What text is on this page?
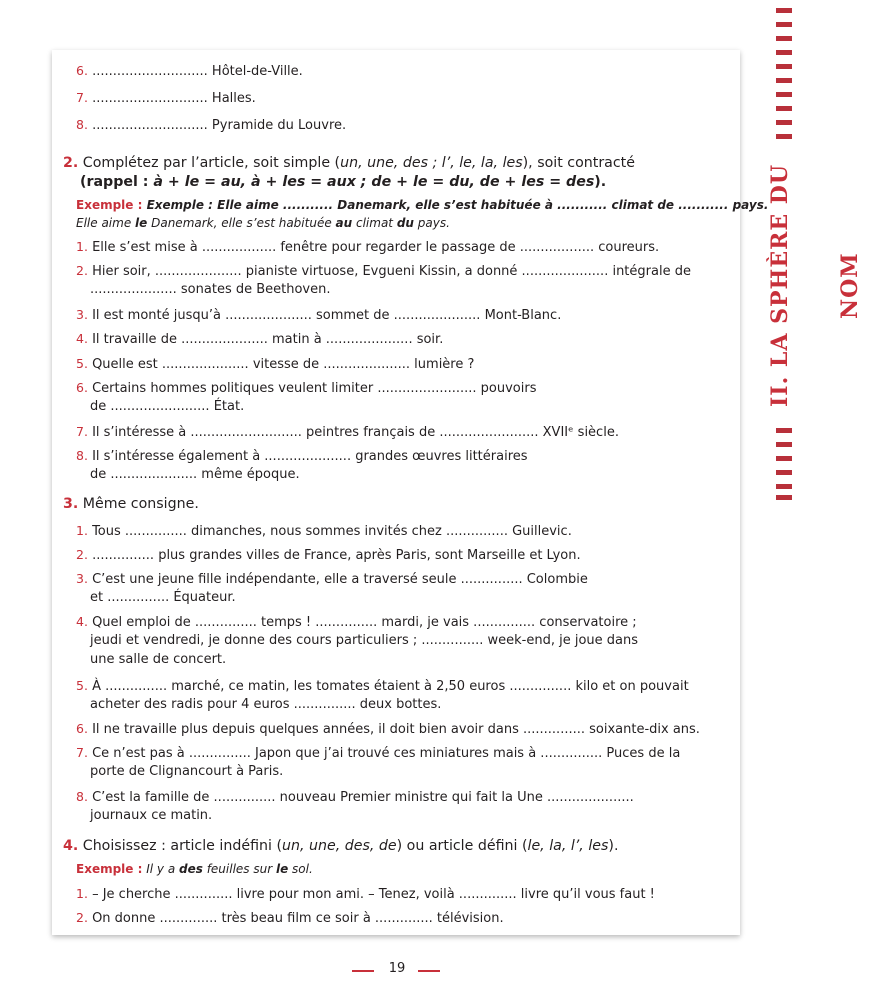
II. LA SPHÈRE DU NOM
6. ............................ Hôtel-de-Ville.
7. ............................ Halles.
8. ............................ Pyramide du Louvre.
2. Complétez par l’article, soit simple (un, une, des ; l’, le, la, les), soit contracté
(rappel : à + le = au, à + les = aux ; de + le = du, de + les = des).
Exemple : Exemple : Elle aime ........... Danemark, elle s’est habituée à ........... climat de ........... pays.
Elle aime le Danemark, elle s’est habituée au climat du pays.
1. Elle s’est mise à .................. fenêtre pour regarder le passage de .................. coureurs.
2. Hier soir, ..................... pianiste virtuose, Evgueni Kissin, a donné ..................... intégrale de
..................... sonates de Beethoven.
3. Il est monté jusqu’à ..................... sommet de ..................... Mont-Blanc.
4. Il travaille de ..................... matin à ..................... soir.
5. Quelle est ..................... vitesse de ..................... lumière ?
6. Certains hommes politiques veulent limiter ........................ pouvoirs
de ........................ État.
7. Il s’intéresse à ........................... peintres français de ........................ XVIIᵉ siècle.
8. Il s’intéresse également à ..................... grandes œuvres littéraires
de ..................... même époque.
3. Même consigne.
1. Tous ............... dimanches, nous sommes invités chez ............... Guillevic.
2. ............... plus grandes villes de France, après Paris, sont Marseille et Lyon.
3. C’est une jeune fille indépendante, elle a traversé seule ............... Colombie
et ............... Équateur.
4. Quel emploi de ............... temps ! ............... mardi, je vais ............... conservatoire ;
jeudi et vendredi, je donne des cours particuliers ; ............... week-end, je joue dans
une salle de concert.
5. À ............... marché, ce matin, les tomates étaient à 2,50 euros ............... kilo et on pouvait
acheter des radis pour 4 euros ............... deux bottes.
6. Il ne travaille plus depuis quelques années, il doit bien avoir dans ............... soixante-dix ans.
7. Ce n’est pas à ............... Japon que j’ai trouvé ces miniatures mais à ............... Puces de la
porte de Clignancourt à Paris.
8. C’est la famille de ............... nouveau Premier ministre qui fait la Une .....................
journaux ce matin.
4. Choisissez : article indéfini (un, une, des, de) ou article défini (le, la, l’, les).
Exemple : Il y a des feuilles sur le sol.
1. – Je cherche .............. livre pour mon ami. – Tenez, voilà .............. livre qu’il vous faut !
2. On donne .............. très beau film ce soir à .............. télévision.
19
